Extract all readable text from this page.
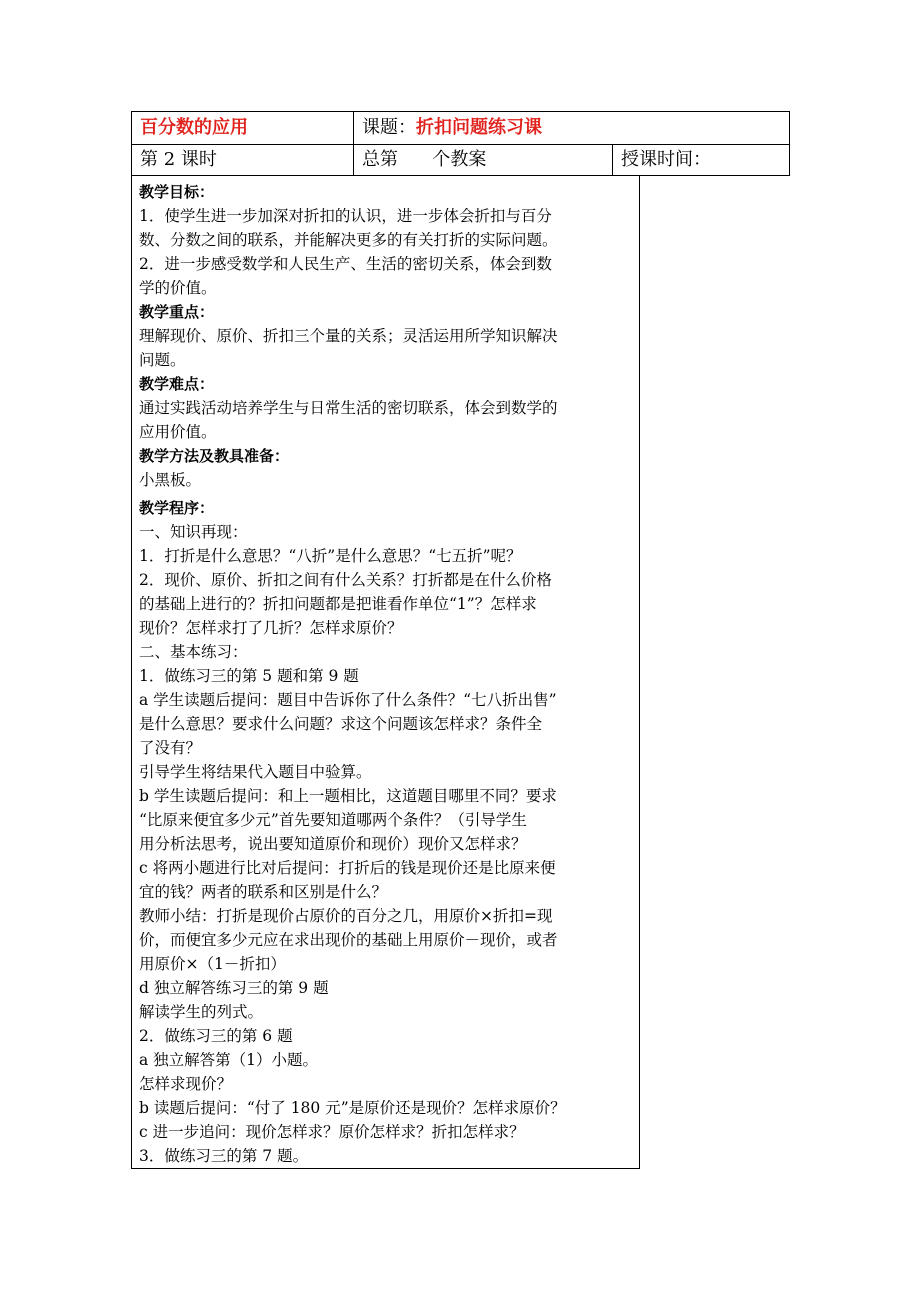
百分数的应用	课题：折扣问题练习课
第 2 课时	总第      个教案	授课时间：

教学目标：

1．使学生进一步加深对折扣的认识，进一步体会折扣与百分

数、分数之间的联系，并能解决更多的有关打折的实际问题。

2．进一步感受数学和人民生产、生活的密切关系，体会到数

学的价值。

教学重点：

理解现价、原价、折扣三个量的关系；灵活运用所学知识解决

问题。

教学难点：

通过实践活动培养学生与日常生活的密切联系，体会到数学的

应用价值。

教学方法及教具准备：

小黑板。

教学程序：

一、知识再现：

1．打折是什么意思？“八折”是什么意思？“七五折”呢？

2．现价、原价、折扣之间有什么关系？打折都是在什么价格

的基础上进行的？折扣问题都是把谁看作单位“1”？怎样求

现价？怎样求打了几折？怎样求原价？

二、基本练习：

1．做练习三的第 5 题和第 9 题

a 学生读题后提问：题目中告诉你了什么条件？“七八折出售”

是什么意思？要求什么问题？求这个问题该怎样求？条件全

了没有？

引导学生将结果代入题目中验算。

b 学生读题后提问：和上一题相比，这道题目哪里不同？要求

“比原来便宜多少元”首先要知道哪两个条件？（引导学生

用分析法思考，说出要知道原价和现价）现价又怎样求？

c 将两小题进行比对后提问：打折后的钱是现价还是比原来便

宜的钱？两者的联系和区别是什么？

教师小结：打折是现价占原价的百分之几，用原价×折扣=现

价，而便宜多少元应在求出现价的基础上用原价－现价，或者

用原价×（1－折扣）

d 独立解答练习三的第 9 题

解读学生的列式。

2．做练习三的第 6 题

a 独立解答第（1）小题。

怎样求现价？

b 读题后提问：“付了 180 元”是原价还是现价？怎样求原价？

c 进一步追问：现价怎样求？原价怎样求？折扣怎样求？

3．做练习三的第 7 题。
